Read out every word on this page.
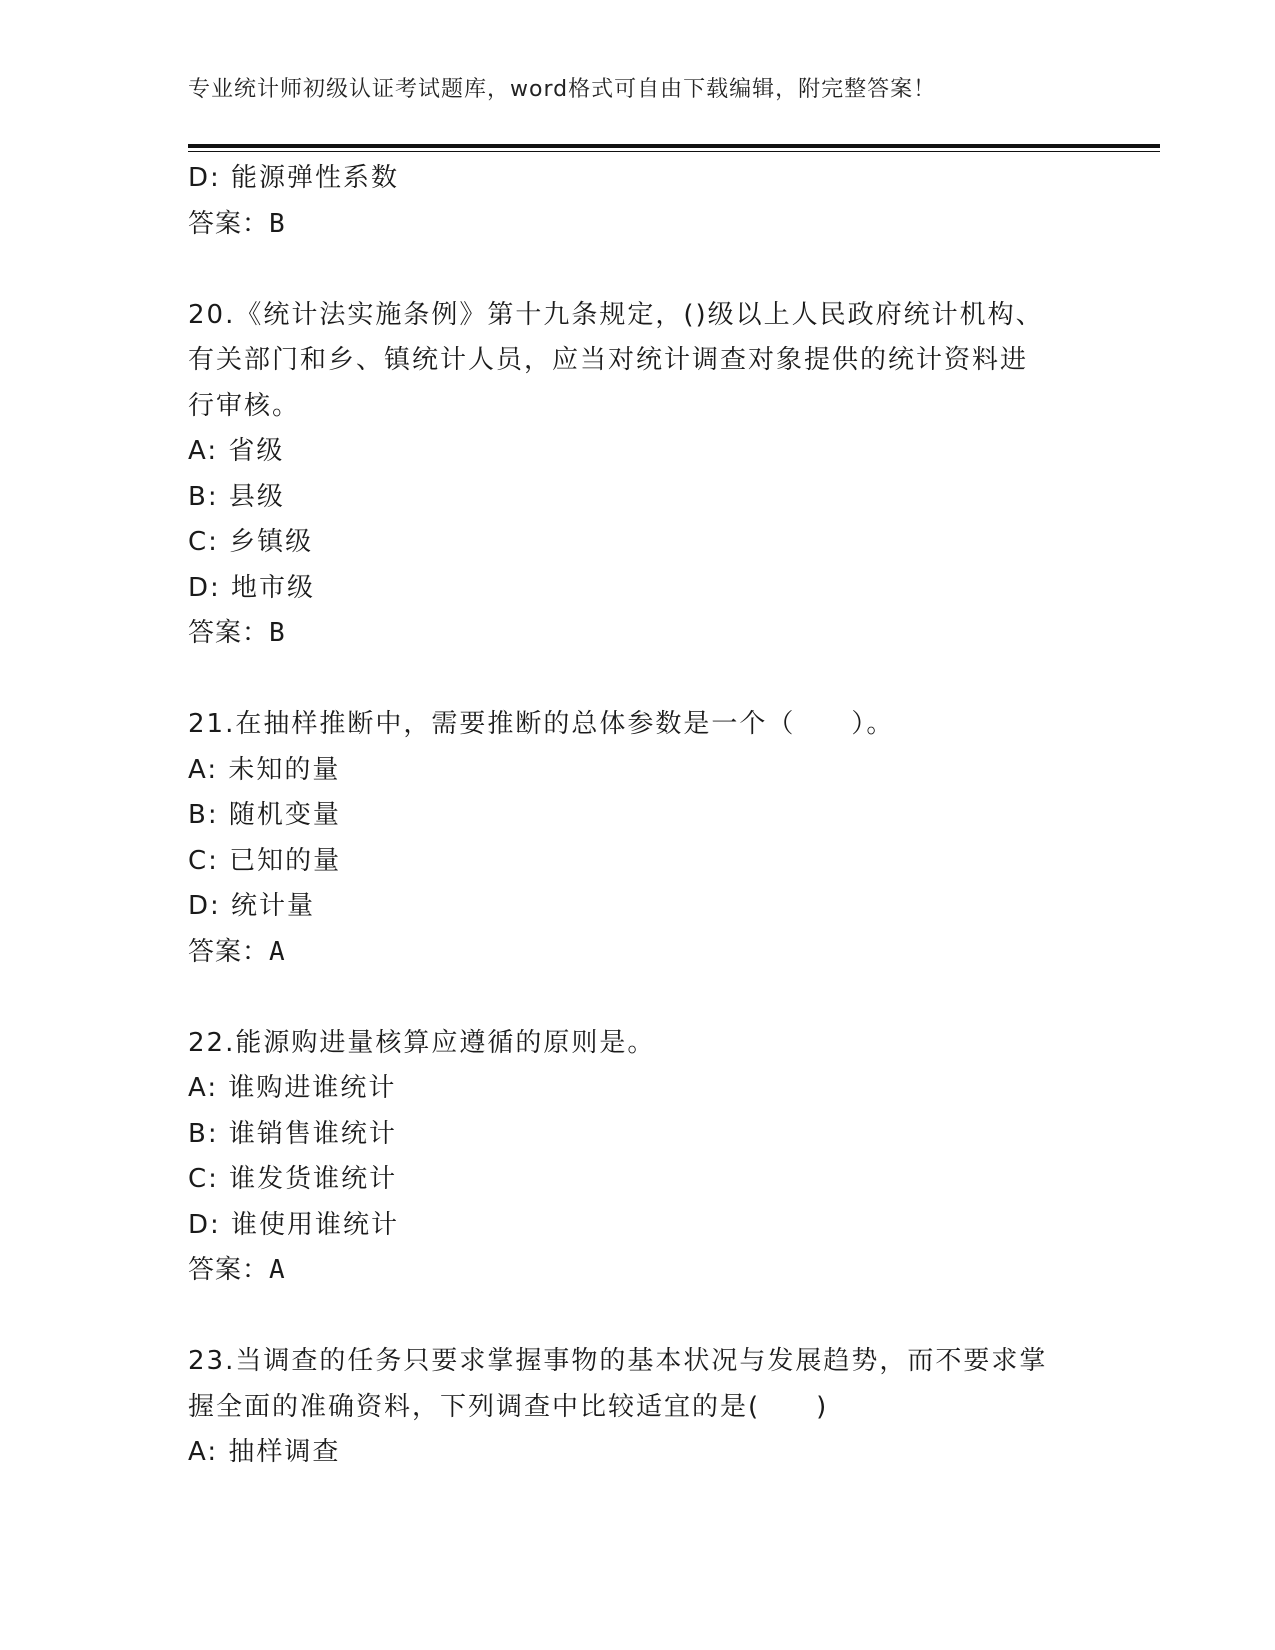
专业统计师初级认证考试题库，word格式可自由下载编辑，附完整答案！
D: 能源弹性系数
答案：B
20.《统计法实施条例》第十九条规定，()级以上人民政府统计机构、
有关部门和乡、镇统计人员，应当对统计调查对象提供的统计资料进
行审核。
A: 省级
B: 县级
C: 乡镇级
D: 地市级
答案：B
21.在抽样推断中，需要推断的总体参数是一个（　　）。
A: 未知的量
B: 随机变量
C: 已知的量
D: 统计量
答案：A
22.能源购进量核算应遵循的原则是。
A: 谁购进谁统计
B: 谁销售谁统计
C: 谁发货谁统计
D: 谁使用谁统计
答案：A
23.当调查的任务只要求掌握事物的基本状况与发展趋势，而不要求掌
握全面的准确资料，下列调查中比较适宜的是(　　)
A: 抽样调查
